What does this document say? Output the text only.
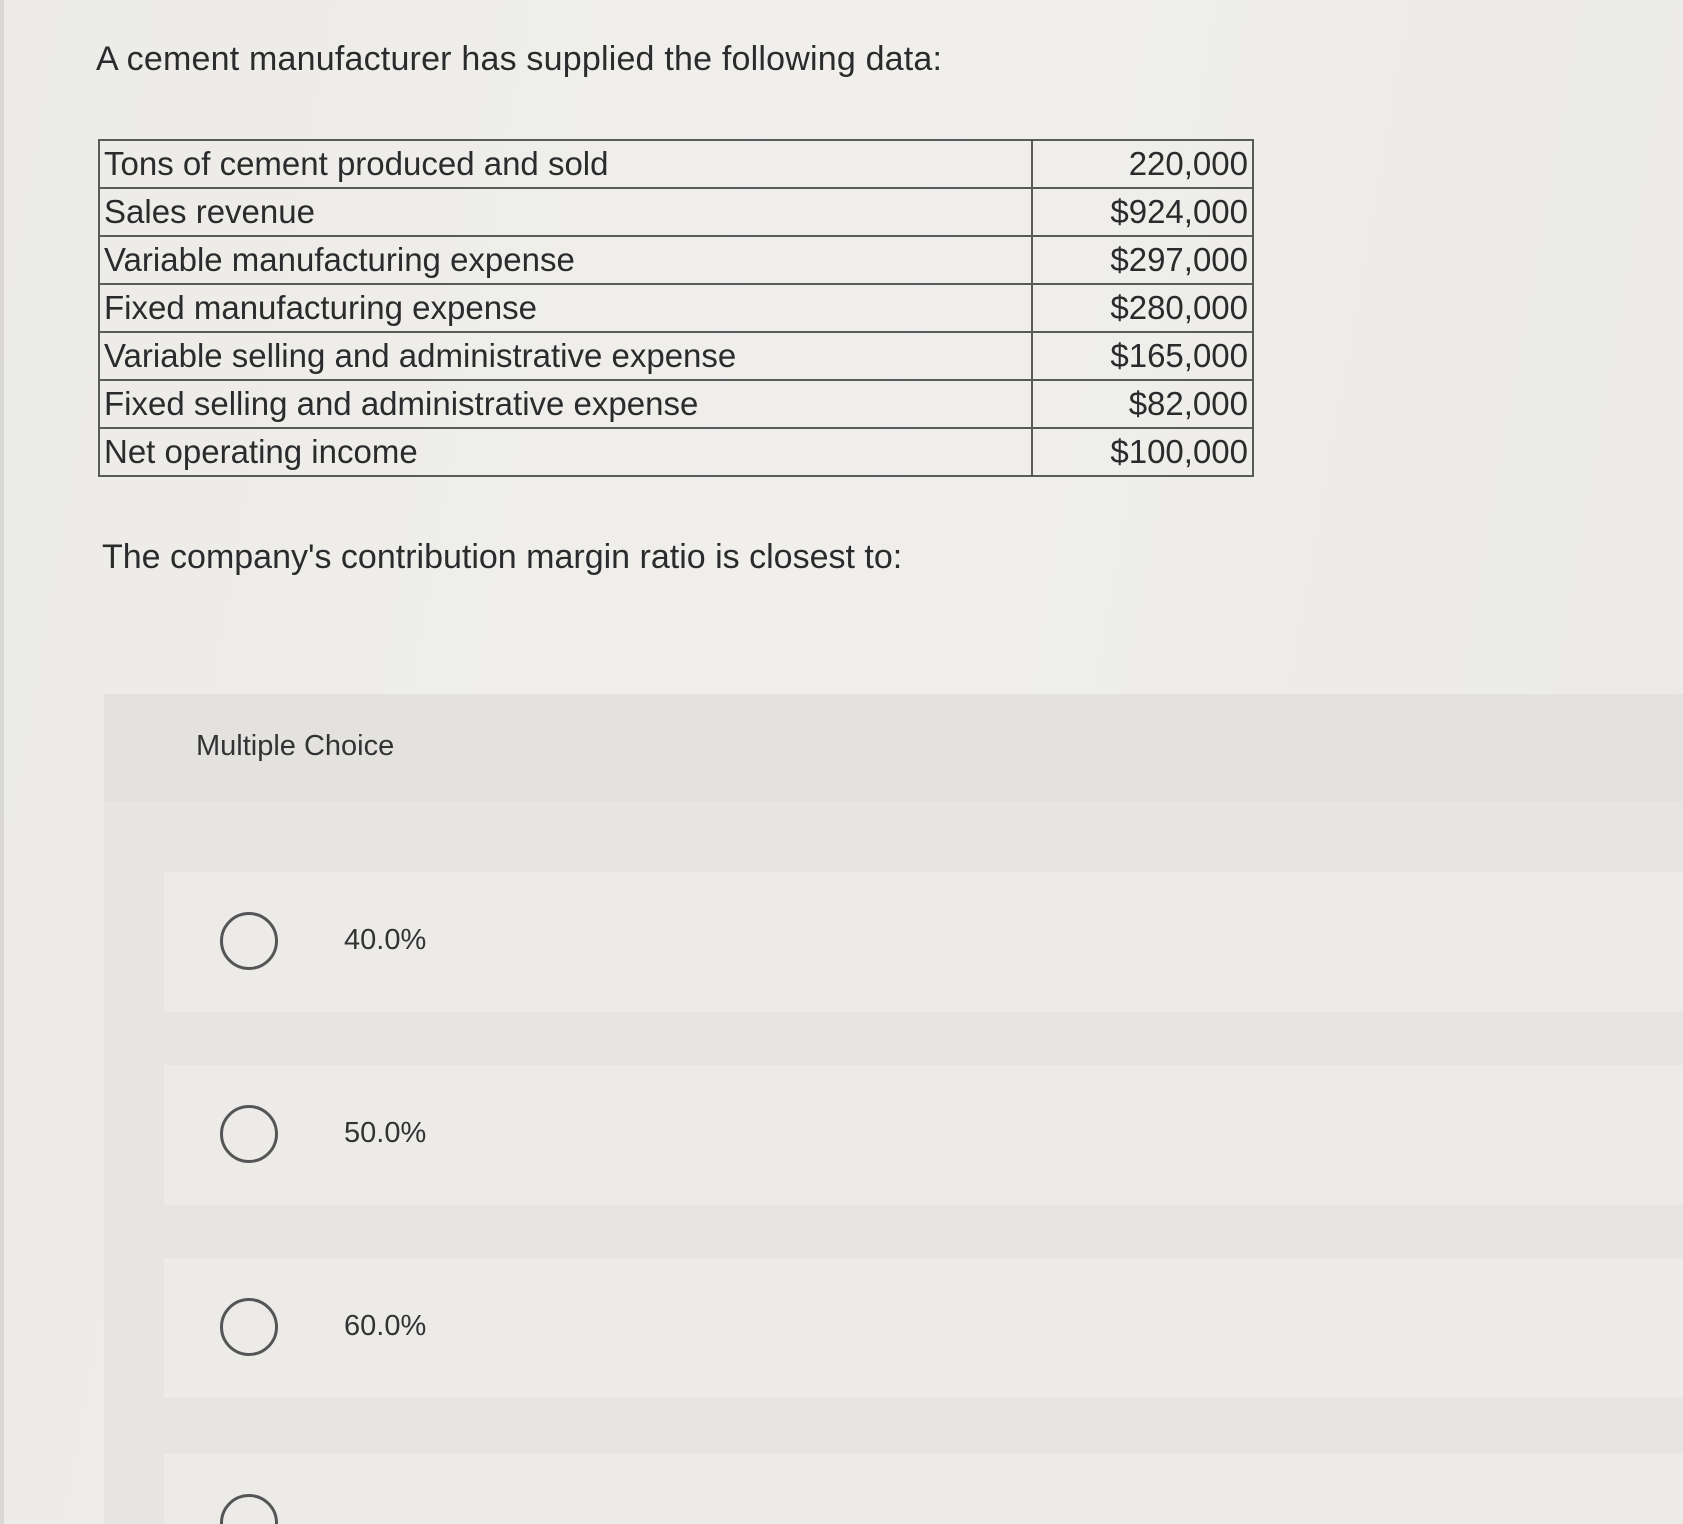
A cement manufacturer has supplied the following data:

Tons of cement produced and sold	220,000
Sales revenue	$924,000
Variable manufacturing expense	$297,000
Fixed manufacturing expense	$280,000
Variable selling and administrative expense	$165,000
Fixed selling and administrative expense	$82,000
Net operating income	$100,000

The company's contribution margin ratio is closest to:

Multiple Choice
40.0%
50.0%
60.0%
